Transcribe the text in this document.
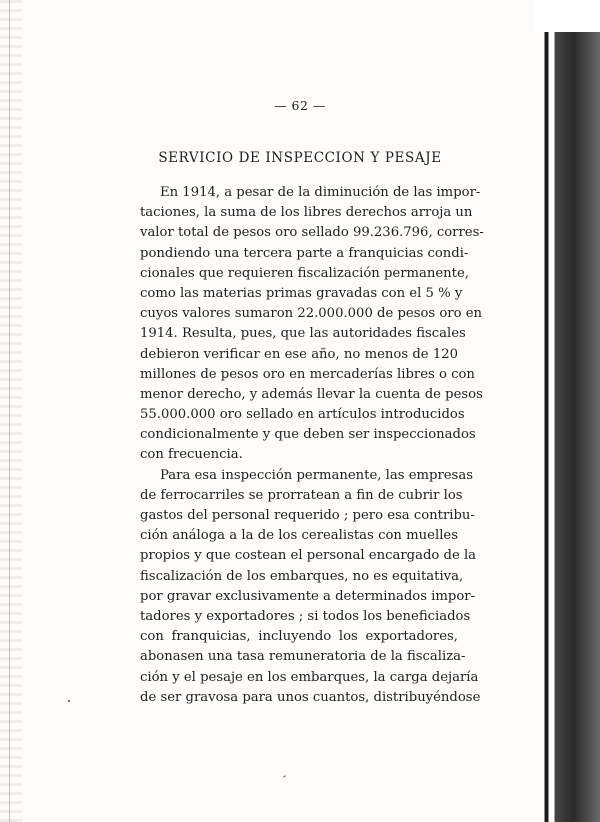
— 62 —
SERVICIO DE INSPECCION Y PESAJE
En 1914, a pesar de la diminución de las impor-
taciones, la suma de los libres derechos arroja un
valor total de pesos oro sellado 99.236.796, corres-
pondiendo una tercera parte a franquicias condi-
cionales que requieren fiscalización permanente,
como las materias primas gravadas con el 5 % y
cuyos valores sumaron 22.000.000 de pesos oro en
1914. Resulta, pues, que las autoridades fiscales
debieron verificar en ese año, no menos de 120
millones de pesos oro en mercaderías libres o con
menor derecho, y además llevar la cuenta de pesos
55.000.000 oro sellado en artículos introducidos
condicionalmente y que deben ser inspeccionados
con frecuencia.
Para esa inspección permanente, las empresas
de ferrocarriles se prorratean a fin de cubrir los
gastos del personal requerido ; pero esa contribu-
ción análoga a la de los cerealistas con muelles
propios y que costean el personal encargado de la
fiscalización de los embarques, no es equitativa,
por gravar exclusivamente a determinados impor-
tadores y exportadores ; si todos los beneficiados
con franquicias, incluyendo los exportadores,
abonasen una tasa remuneratoria de la fiscaliza-
ción y el pesaje en los embarques, la carga dejaría
de ser gravosa para unos cuantos, distribuyéndose
